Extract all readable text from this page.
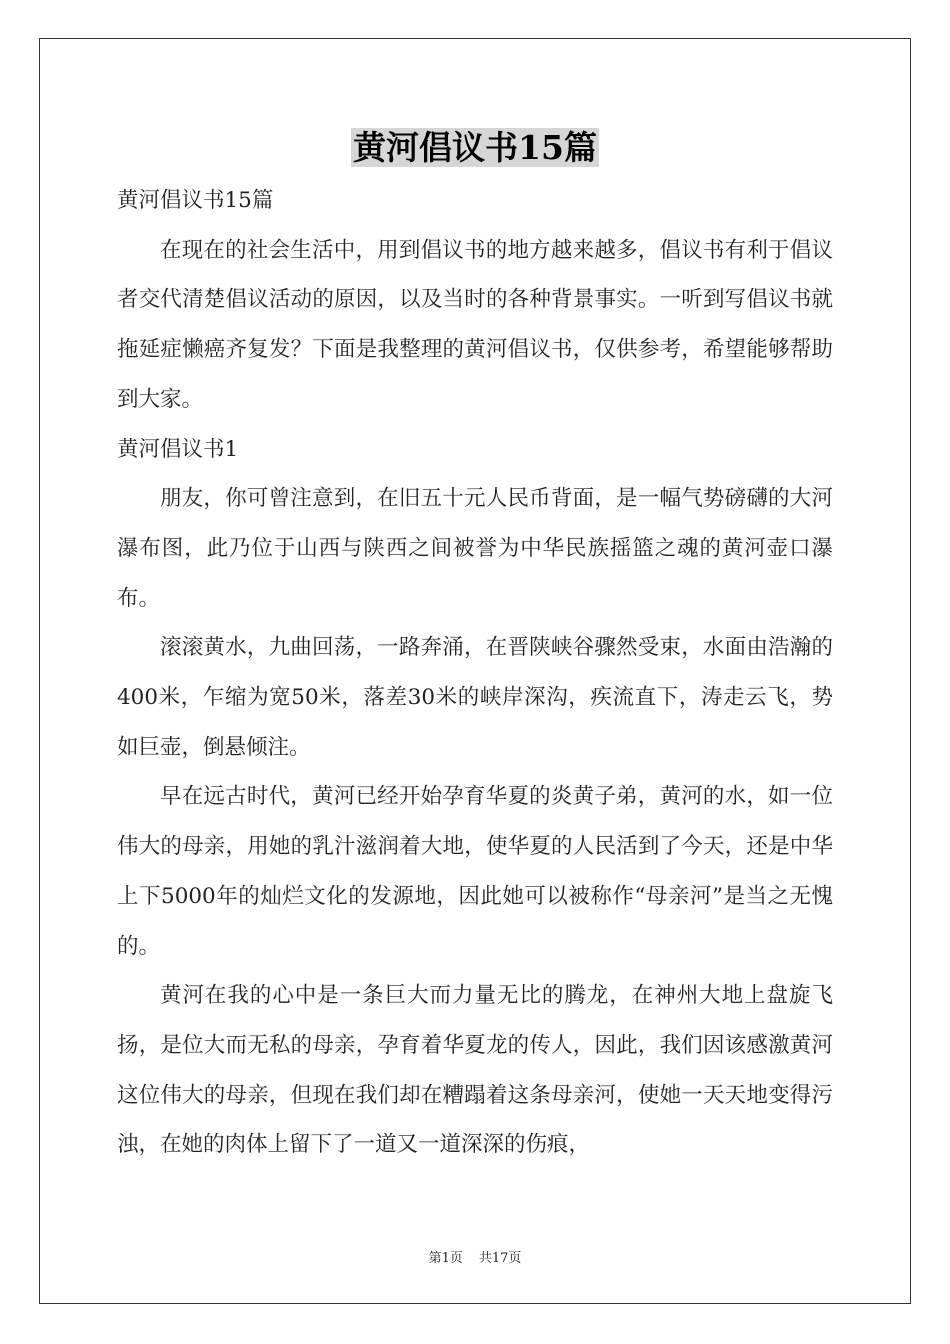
黄河倡议书15篇

黄河倡议书15篇

在现在的社会生活中，用到倡议书的地方越来越多，倡议书有利于倡议者交代清楚倡议活动的原因，以及当时的各种背景事实。一听到写倡议书就拖延症懒癌齐复发？下面是我整理的黄河倡议书，仅供参考，希望能够帮助到大家。

黄河倡议书1

朋友，你可曾注意到，在旧五十元人民币背面，是一幅气势磅礴的大河瀑布图，此乃位于山西与陕西之间被誉为中华民族摇篮之魂的黄河壶口瀑布。

滚滚黄水，九曲回荡，一路奔涌，在晋陕峡谷骤然受束，水面由浩瀚的400米，乍缩为宽50米，落差30米的峡岸深沟，疾流直下，涛走云飞，势如巨壶，倒悬倾注。

早在远古时代，黄河已经开始孕育华夏的炎黄子弟，黄河的水，如一位伟大的母亲，用她的乳汁滋润着大地，使华夏的人民活到了今天，还是中华上下5000年的灿烂文化的发源地，因此她可以被称作“母亲河”是当之无愧的。

黄河在我的心中是一条巨大而力量无比的腾龙，在神州大地上盘旋飞扬，是位大而无私的母亲，孕育着华夏龙的传人，因此，我们因该感激黄河这位伟大的母亲，但现在我们却在糟蹋着这条母亲河，使她一天天地变得污浊，在她的肉体上留下了一道又一道深深的伤痕，

第1页 共17页
